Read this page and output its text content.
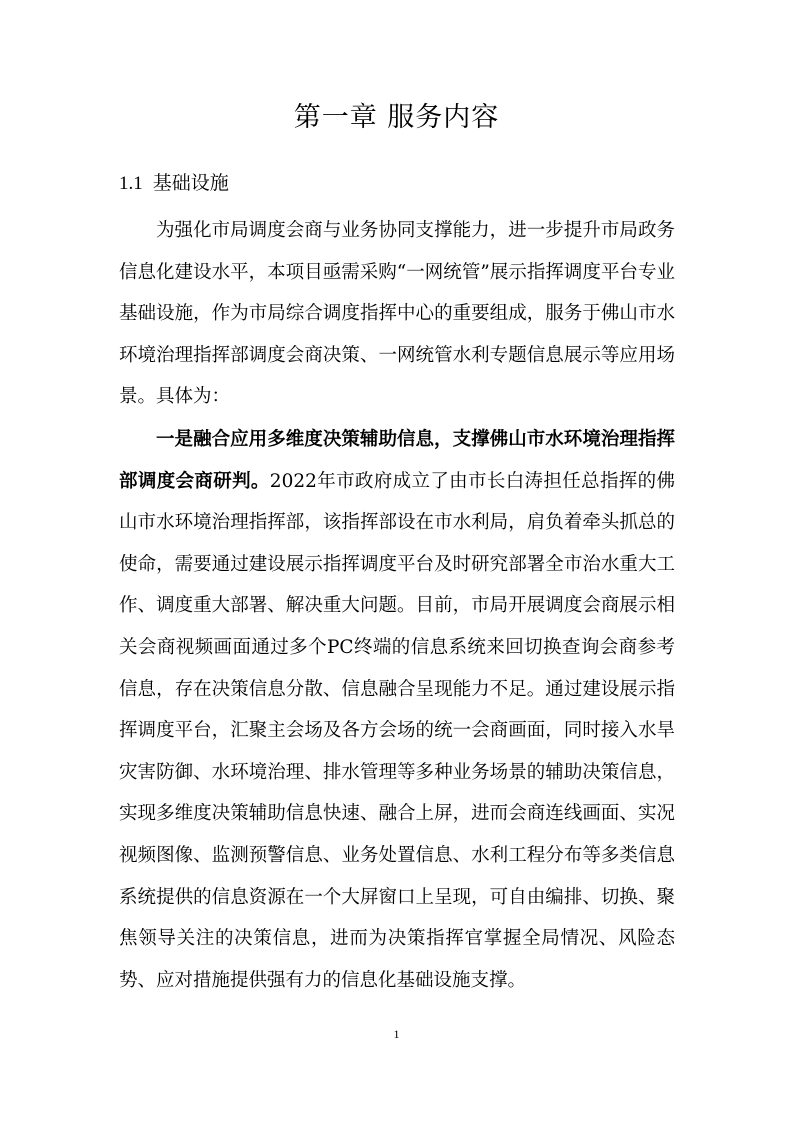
第一章 服务内容
1.1 基础设施

为强化市局调度会商与业务协同支撑能力，进一步提升市局政务信息化建设水平，本项目亟需采购“一网统管”展示指挥调度平台专业基础设施，作为市局综合调度指挥中心的重要组成，服务于佛山市水环境治理指挥部调度会商决策、一网统管水利专题信息展示等应用场景。具体为：

一是融合应用多维度决策辅助信息，支撑佛山市水环境治理指挥部调度会商研判。2022年市政府成立了由市长白涛担任总指挥的佛山市水环境治理指挥部，该指挥部设在市水利局，肩负着牵头抓总的使命，需要通过建设展示指挥调度平台及时研究部署全市治水重大工作、调度重大部署、解决重大问题。目前，市局开展调度会商展示相关会商视频画面通过多个PC终端的信息系统来回切换查询会商参考信息，存在决策信息分散、信息融合呈现能力不足。通过建设展示指挥调度平台，汇聚主会场及各方会场的统一会商画面，同时接入水旱灾害防御、水环境治理、排水管理等多种业务场景的辅助决策信息，实现多维度决策辅助信息快速、融合上屏，进而会商连线画面、实况视频图像、监测预警信息、业务处置信息、水利工程分布等多类信息系统提供的信息资源在一个大屏窗口上呈现，可自由编排、切换、聚焦领导关注的决策信息，进而为决策指挥官掌握全局情况、风险态势、应对措施提供强有力的信息化基础设施支撑。

1
